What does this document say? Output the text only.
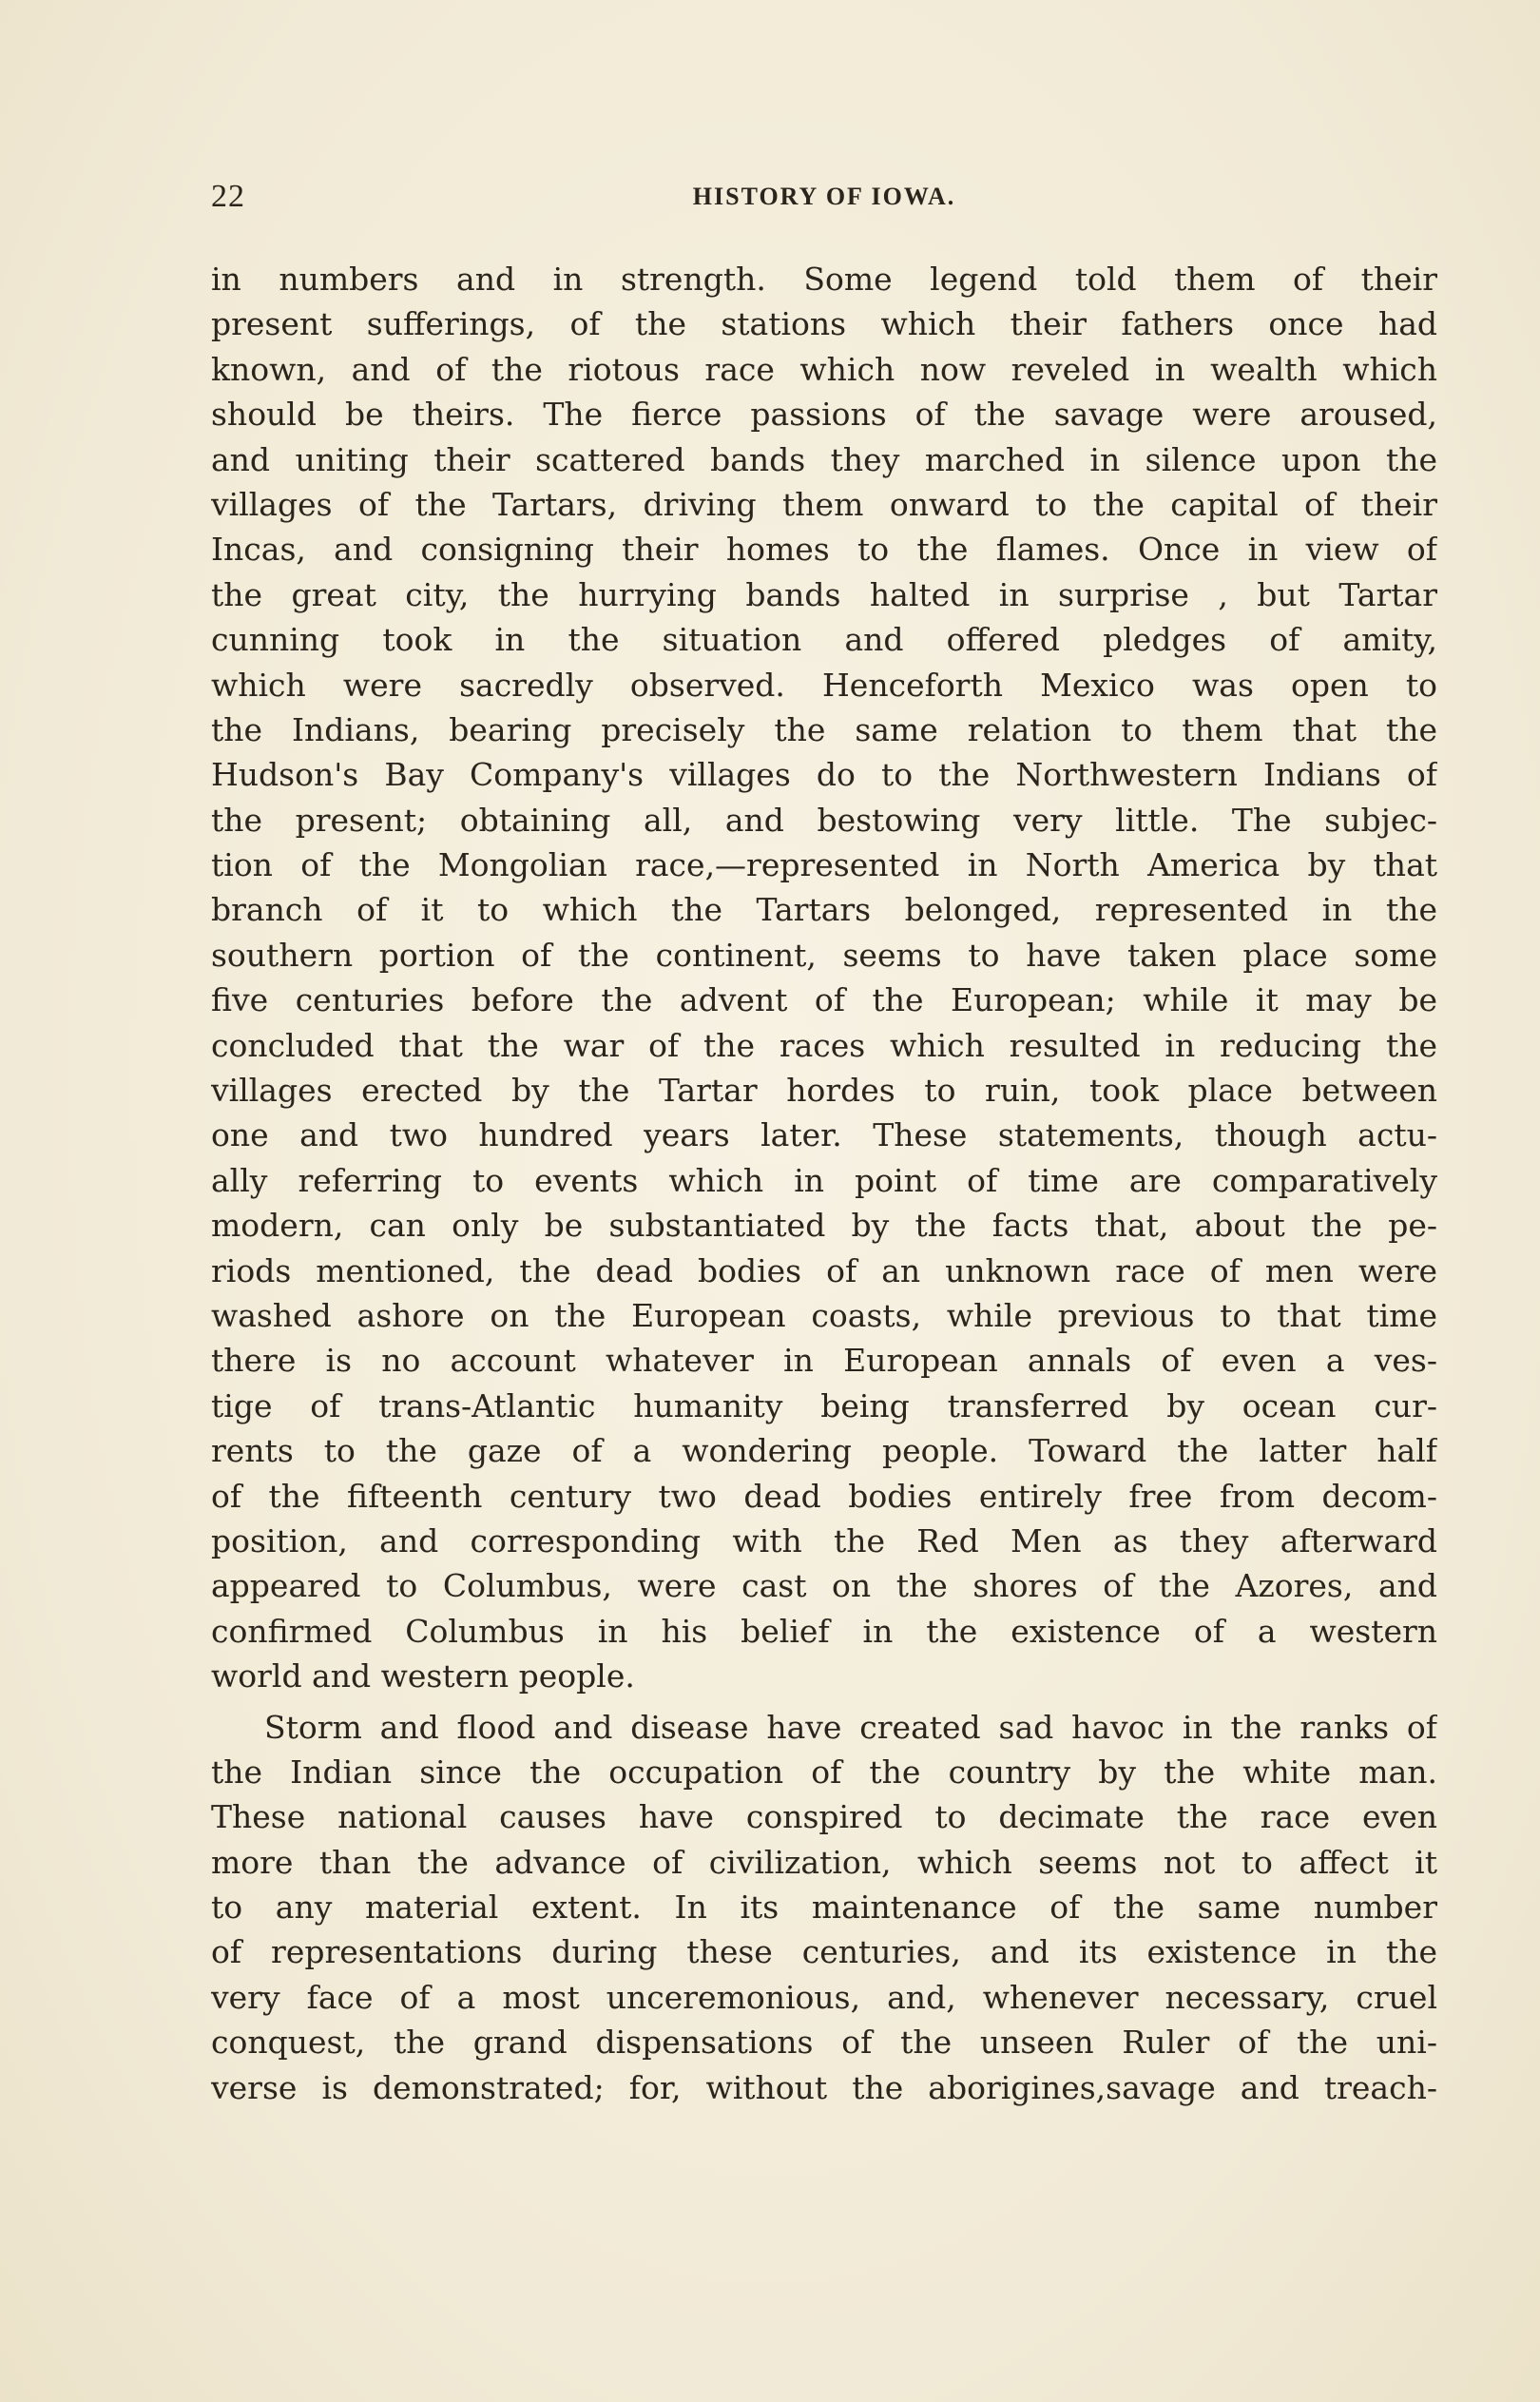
22	HISTORY OF IOWA.
in numbers and in strength. Some legend told them of their
present sufferings, of the stations which their fathers once had
known, and of the riotous race which now reveled in wealth which
should be theirs. The fierce passions of the savage were aroused,
and uniting their scattered bands they marched in silence upon the
villages of the Tartars, driving them onward to the capital of their
Incas, and consigning their homes to the flames. Once in view of
the great city, the hurrying bands halted in surprise , but Tartar
cunning took in the situation and offered pledges of amity,
which were sacredly observed. Henceforth Mexico was open to
the Indians, bearing precisely the same relation to them that the
Hudson's Bay Company's villages do to the Northwestern Indians of
the present; obtaining all, and bestowing very little. The subjec-
tion of the Mongolian race,—represented in North America by that
branch of it to which the Tartars belonged, represented in the
southern portion of the continent, seems to have taken place some
five centuries before the advent of the European; while it may be
concluded that the war of the races which resulted in reducing the
villages erected by the Tartar hordes to ruin, took place between
one and two hundred years later. These statements, though actu-
ally referring to events which in point of time are comparatively
modern, can only be substantiated by the facts that, about the pe-
riods mentioned, the dead bodies of an unknown race of men were
washed ashore on the European coasts, while previous to that time
there is no account whatever in European annals of even a ves-
tige of trans-Atlantic humanity being transferred by ocean cur-
rents to the gaze of a wondering people. Toward the latter half
of the fifteenth century two dead bodies entirely free from decom-
position, and corresponding with the Red Men as they afterward
appeared to Columbus, were cast on the shores of the Azores, and
confirmed Columbus in his belief in the existence of a western
world and western people.
Storm and flood and disease have created sad havoc in the ranks of
the Indian since the occupation of the country by the white man.
These national causes have conspired to decimate the race even
more than the advance of civilization, which seems not to affect it
to any material extent. In its maintenance of the same number
of representations during these centuries, and its existence in the
very face of a most unceremonious, and, whenever necessary, cruel
conquest, the grand dispensations of the unseen Ruler of the uni-
verse is demonstrated; for, without the aborigines,savage and treach-
